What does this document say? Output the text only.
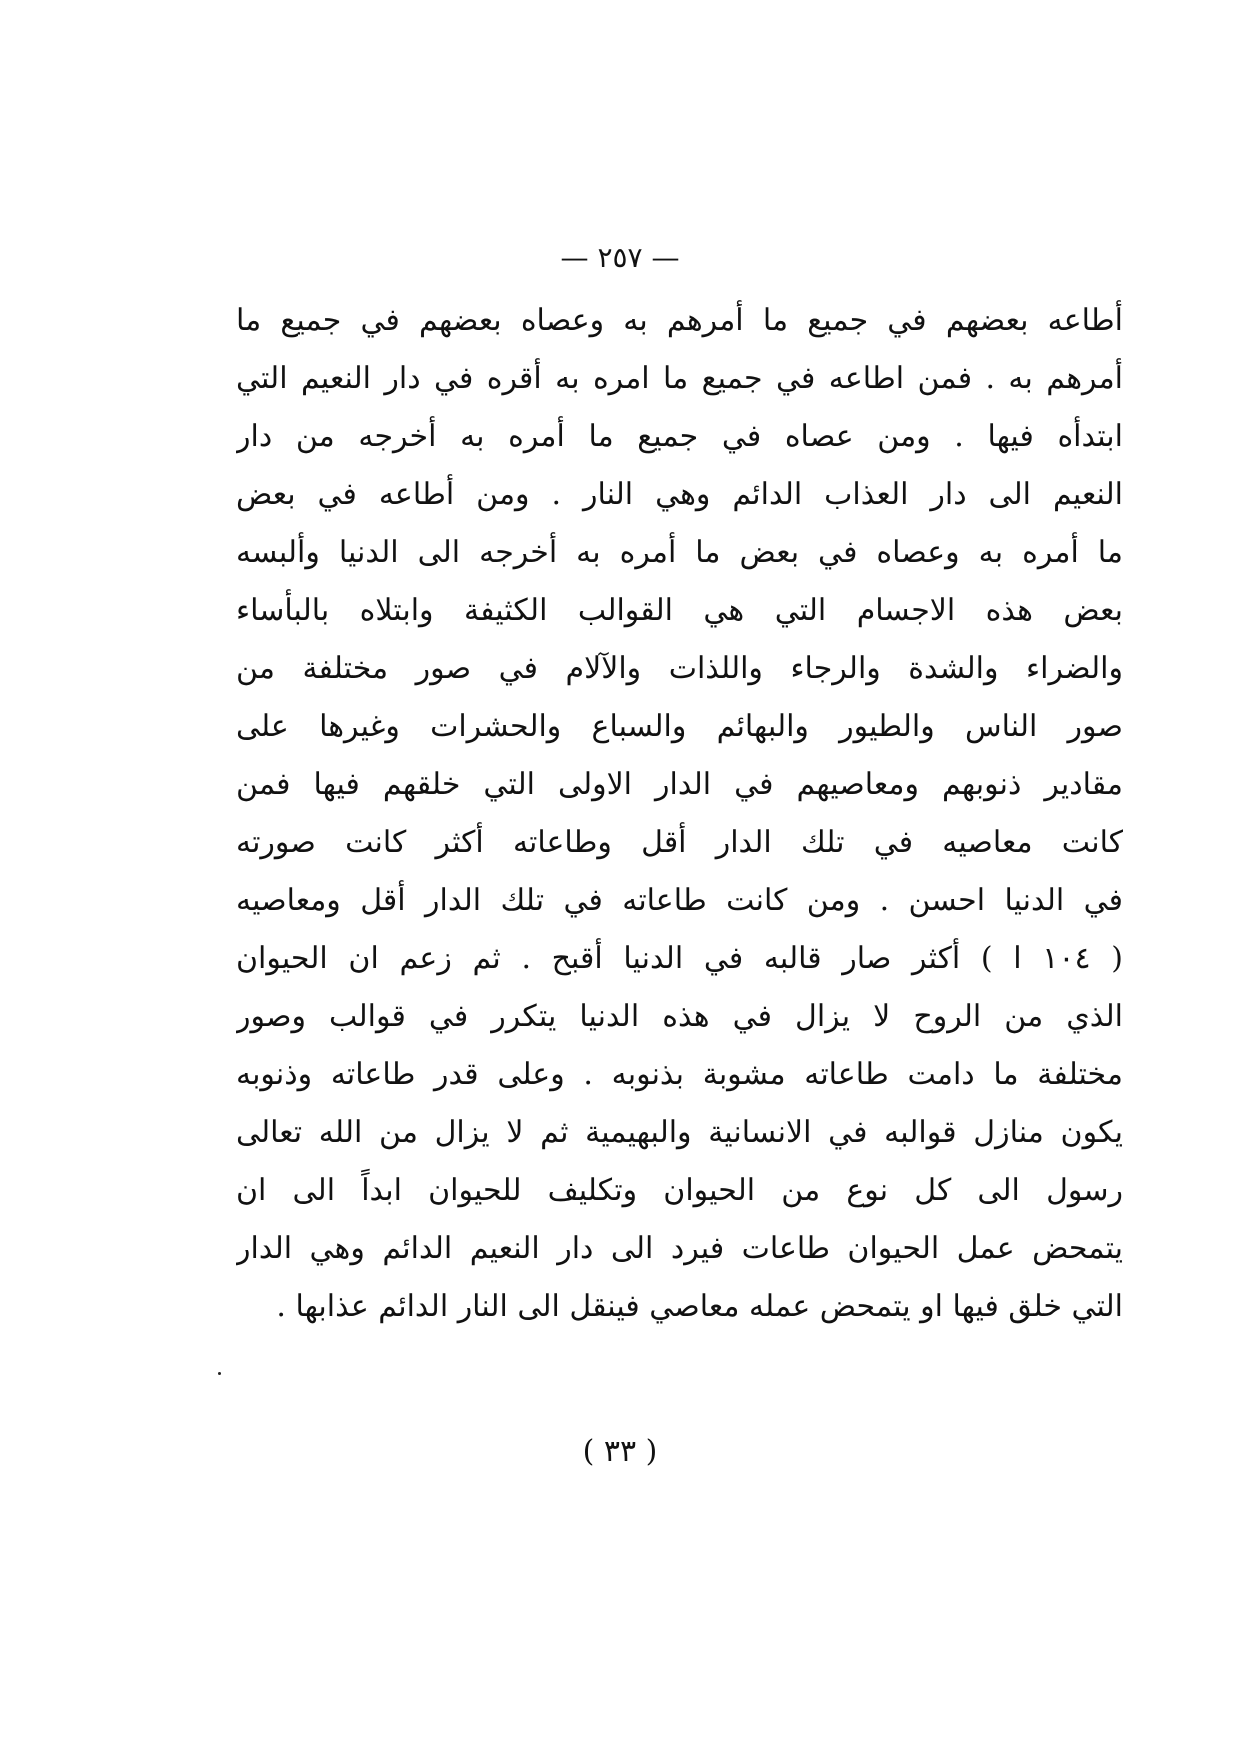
— ٢٥٧ —
أطاعه بعضهم في جميع ما أمرهم به وعصاه بعضهم في جميع ما
أمرهم به . فمن اطاعه في جميع ما امره به أقره في دار النعيم التي
ابتدأه فيها . ومن عصاه في جميع ما أمره به أخرجه من دار
النعيم الى دار العذاب الدائم وهي النار . ومن أطاعه في بعض
ما أمره به وعصاه في بعض ما أمره به أخرجه الى الدنيا وألبسه
بعض هذه الاجسام التي هي القوالب الكثيفة وابتلاه بالبأساء
والضراء والشدة والرجاء واللذات والآلام في صور مختلفة من
صور الناس والطيور والبهائم والسباع والحشرات وغيرها على
مقادير ذنوبهم ومعاصيهم في الدار الاولى التي خلقهم فيها فمن
كانت معاصيه في تلك الدار أقل وطاعاته أكثر كانت صورته
في الدنيا احسن . ومن كانت طاعاته في تلك الدار أقل ومعاصيه
( ١٠٤ ا ) أكثر صار قالبه في الدنيا أقبح . ثم زعم ان الحيوان
الذي من الروح لا يزال في هذه الدنيا يتكرر في قوالب وصور
مختلفة ما دامت طاعاته مشوبة بذنوبه . وعلى قدر طاعاته وذنوبه
يكون منازل قوالبه في الانسانية والبهيمية ثم لا يزال من الله تعالى
رسول الى كل نوع من الحيوان وتكليف للحيوان ابداً الى ان
يتمحض عمل الحيوان طاعات فيرد الى دار النعيم الدائم وهي الدار
التي خلق فيها او يتمحض عمله معاصي فينقل الى النار الدائم عذابها .
( ٣٣ )
